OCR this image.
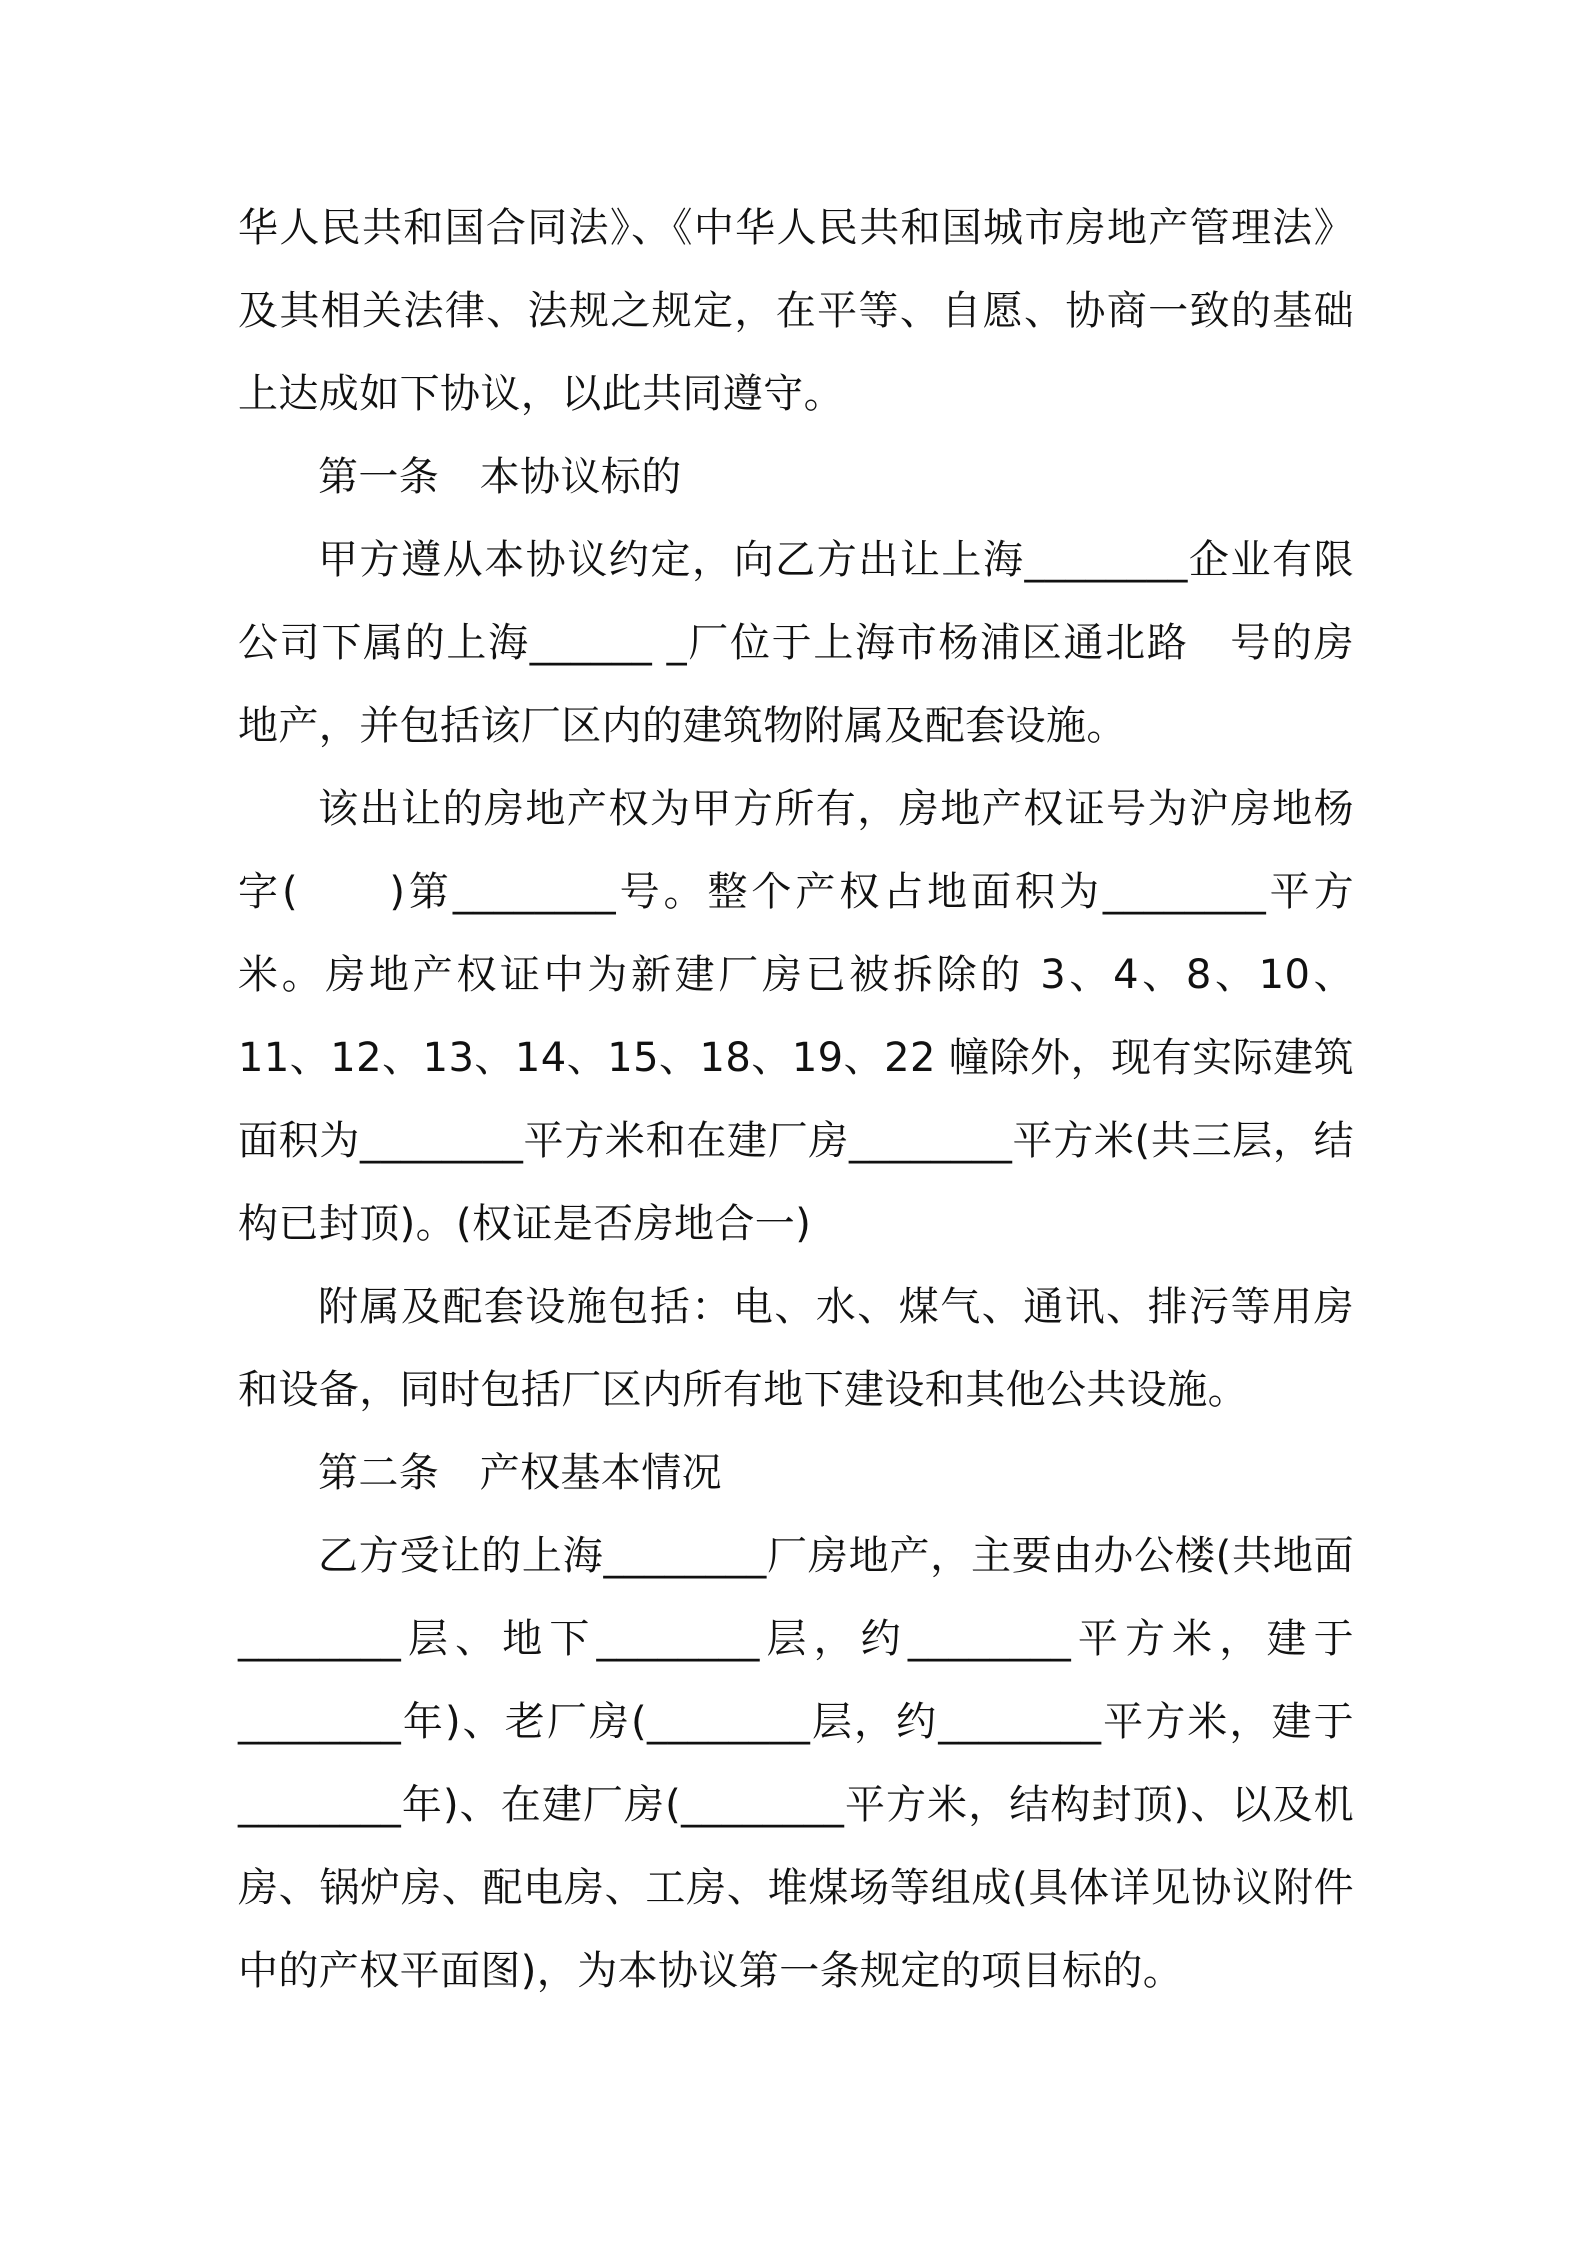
华人民共和国合同法》、《中华人民共和国城市房地产管理法》及其相关法律、法规之规定，在平等、自愿、协商一致的基础上达成如下协议，以此共同遵守。

第一条　本协议标的

甲方遵从本协议约定，向乙方出让上海________企业有限公司下属的上海______ _厂位于上海市杨浦区通北路　号的房地产，并包括该厂区内的建筑物附属及配套设施。

该出让的房地产权为甲方所有，房地产权证号为沪房地杨字(　　)第________号。整个产权占地面积为________平方米。房地产权证中为新建厂房已被拆除的 3、4、8、10、11、12、13、14、15、18、19、22 幢除外，现有实际建筑面积为________平方米和在建厂房________平方米(共三层，结构已封顶)。(权证是否房地合一)

附属及配套设施包括：电、水、煤气、通讯、排污等用房和设备，同时包括厂区内所有地下建设和其他公共设施。

第二条　产权基本情况

乙方受让的上海________厂房地产，主要由办公楼(共地面________层、地下________层，约________平方米，建于________年)、老厂房(________层，约________平方米，建于________年)、在建厂房(________平方米，结构封顶)、以及机房、锅炉房、配电房、工房、堆煤场等组成(具体详见协议附件中的产权平面图)，为本协议第一条规定的项目标的。
